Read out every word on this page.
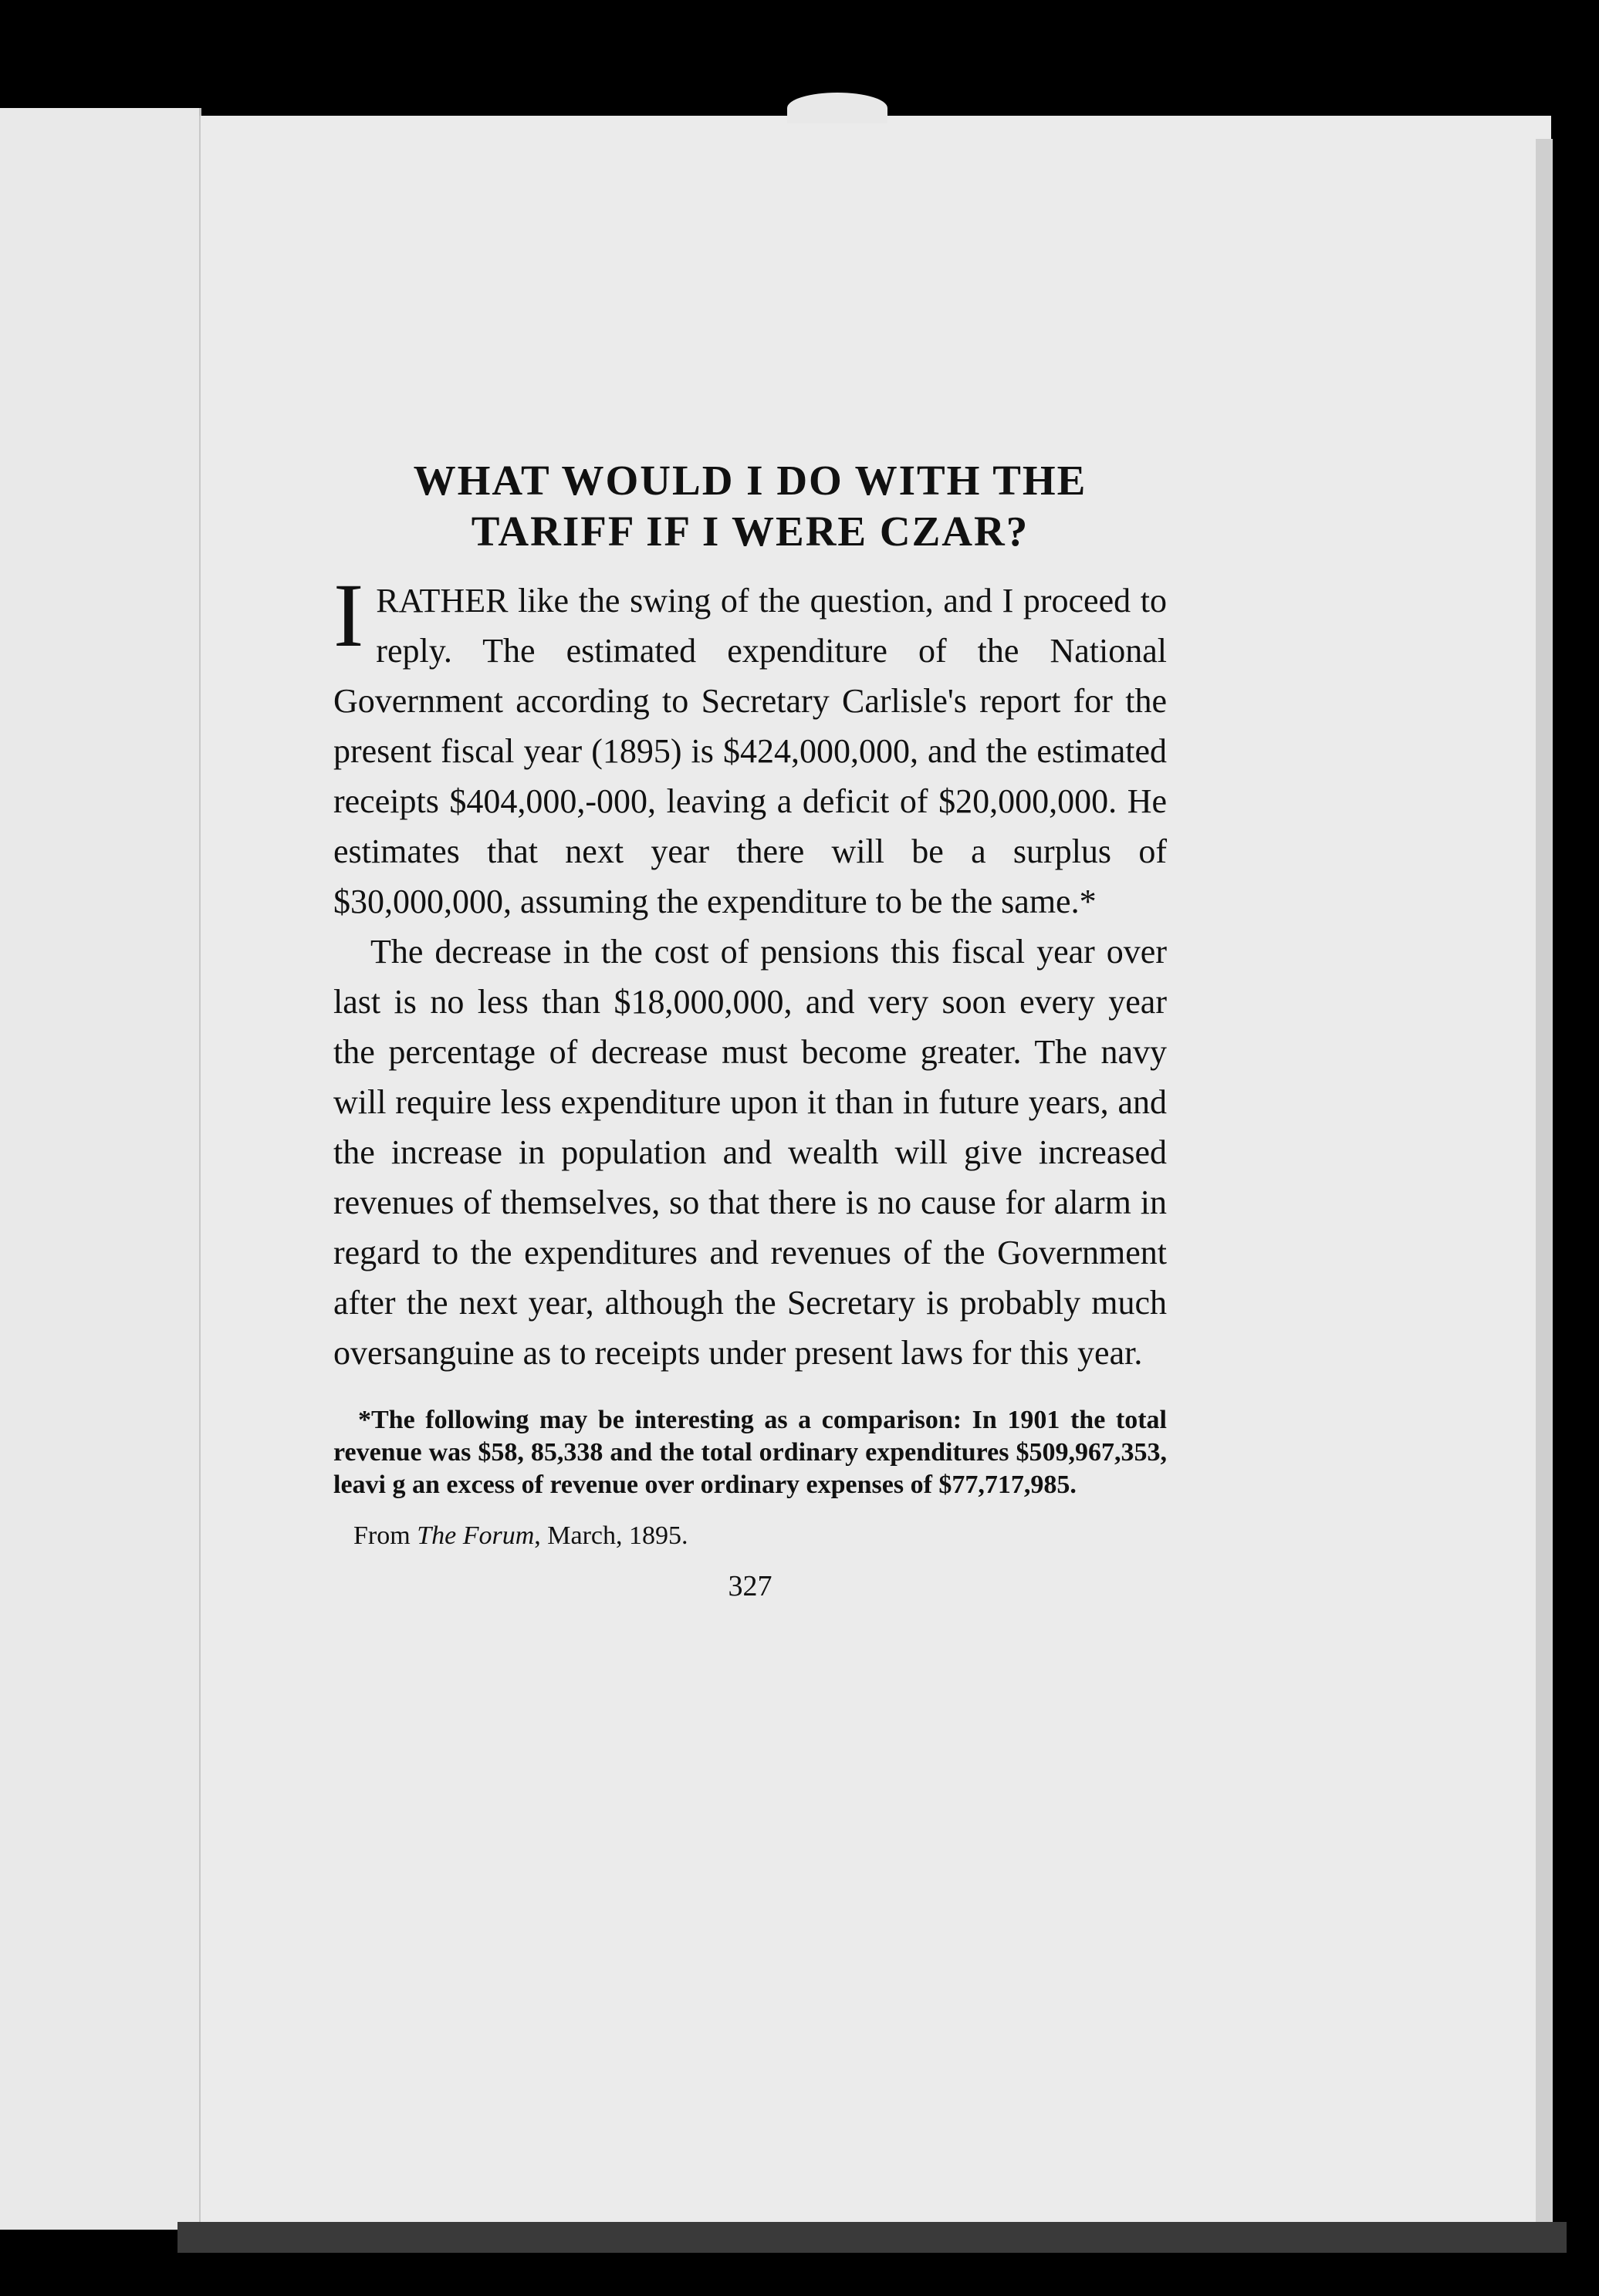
WHAT WOULD I DO WITH THE
TARIFF IF I WERE CZAR?

I RATHER like the swing of the question, and I proceed to reply. The estimated expenditure of the National Government according to Secretary Carlisle's report for the present fiscal year (1895) is $424,000,000, and the estimated receipts $404,000,-000, leaving a deficit of $20,000,000. He estimates that next year there will be a surplus of $30,000,000, assuming the expenditure to be the same.*

The decrease in the cost of pensions this fiscal year over last is no less than $18,000,000, and very soon every year the percentage of decrease must become greater. The navy will require less expenditure upon it than in future years, and the increase in population and wealth will give increased revenues of themselves, so that there is no cause for alarm in regard to the expenditures and revenues of the Government after the next year, although the Secretary is probably much oversanguine as to receipts under present laws for this year.

*The following may be interesting as a comparison: In 1901 the total revenue was $58, 85,338 and the total ordinary expenditures $509,967,353, leavi g an excess of revenue over ordinary expenses of $77,717,985.

From The Forum, March, 1895.

327
